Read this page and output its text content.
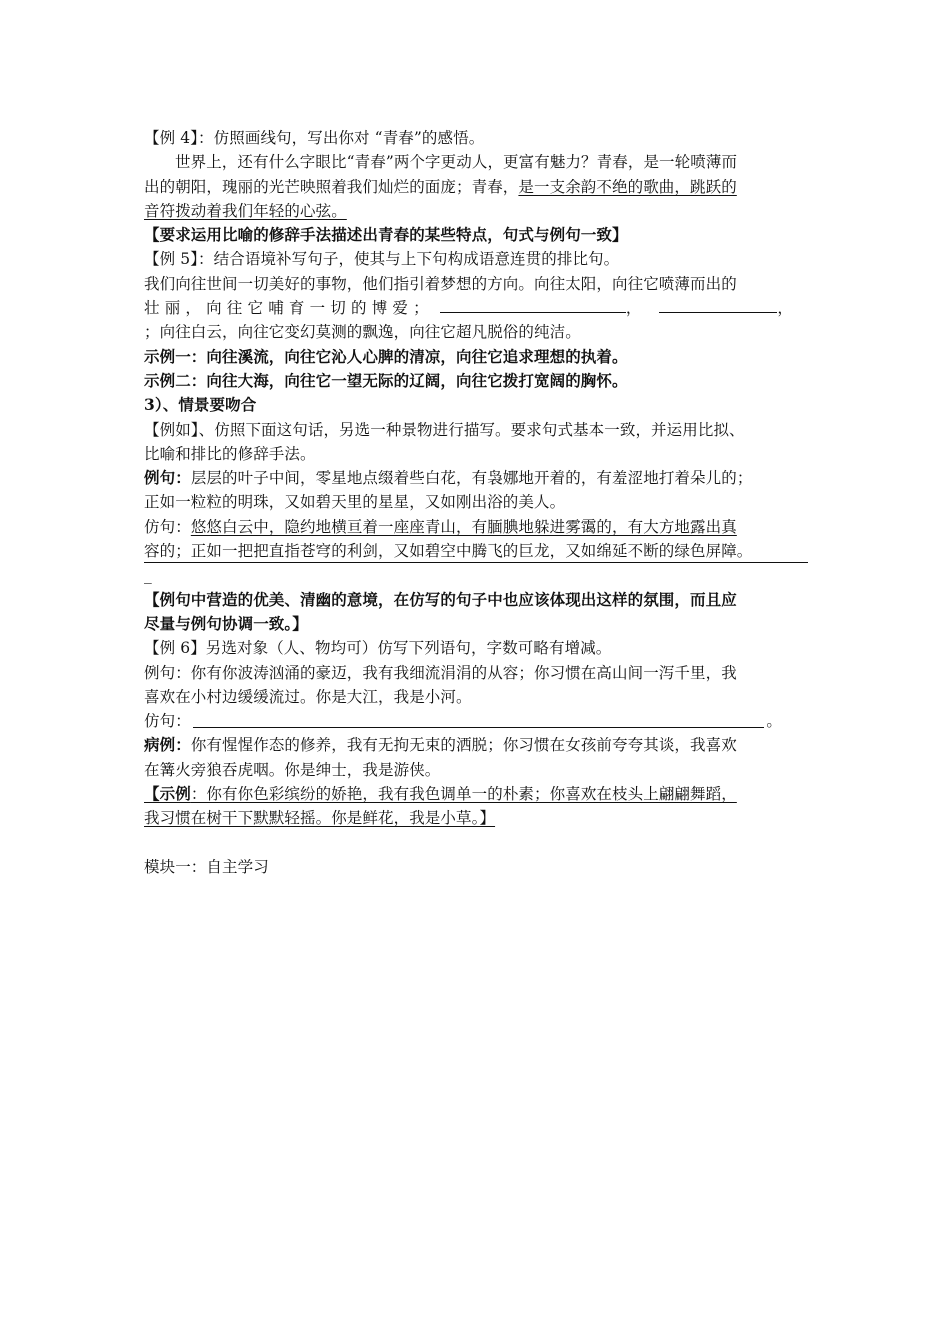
【例 4】：仿照画线句，写出你对 “青春”的感悟。
世界上，还有什么字眼比“青春”两个字更动人，更富有魅力？青春，是一轮喷薄而
出的朝阳，瑰丽的光芒映照着我们灿烂的面庞；青春，是一支余韵不绝的歌曲，跳跃的
音符拨动着我们年轻的心弦。
【要求运用比喻的修辞手法描述出青春的某些特点，句式与例句一致】
【例 5】：结合语境补写句子，使其与上下句构成语意连贯的排比句。
我们向往世间一切美好的事物，他们指引着梦想的方向。向往太阳，向往它喷薄而出的
壮丽，向往它哺育一切的博爱；	，	，
；向往白云，向往它变幻莫测的飘逸，向往它超凡脱俗的纯洁。
示例一：向往溪流，向往它沁人心脾的清凉，向往它追求理想的执着。
示例二：向往大海，向往它一望无际的辽阔，向往它拨打宽阔的胸怀。
3）、情景要吻合
【例如】、仿照下面这句话，另选一种景物进行描写。要求句式基本一致，并运用比拟、
比喻和排比的修辞手法。
例句：层层的叶子中间，零星地点缀着些白花，有袅娜地开着的，有羞涩地打着朵儿的；
正如一粒粒的明珠，又如碧天里的星星，又如刚出浴的美人。
仿句：悠悠白云中，隐约地横亘着一座座青山，有腼腆地躲进雾霭的，有大方地露出真
容的；正如一把把直指苍穹的利剑，又如碧空中腾飞的巨龙，又如绵延不断的绿色屏障。
_
【例句中营造的优美、清幽的意境，在仿写的句子中也应该体现出这样的氛围，而且应
尽量与例句协调一致。】
【例 6】另选对象（人、物均可）仿写下列语句，字数可略有增减。
例句：你有你波涛汹涌的豪迈，我有我细流涓涓的从容；你习惯在高山间一泻千里，我
喜欢在小村边缓缓流过。你是大江，我是小河。
仿句：	。
病例：你有惺惺作态的修养，我有无拘无束的洒脱；你习惯在女孩前夸夸其谈，我喜欢
在篝火旁狼吞虎咽。你是绅士，我是游侠。
【示例：你有你色彩缤纷的娇艳，我有我色调单一的朴素；你喜欢在枝头上翩翩舞蹈，
我习惯在树干下默默轻摇。你是鲜花，我是小草。】
模块一：自主学习
